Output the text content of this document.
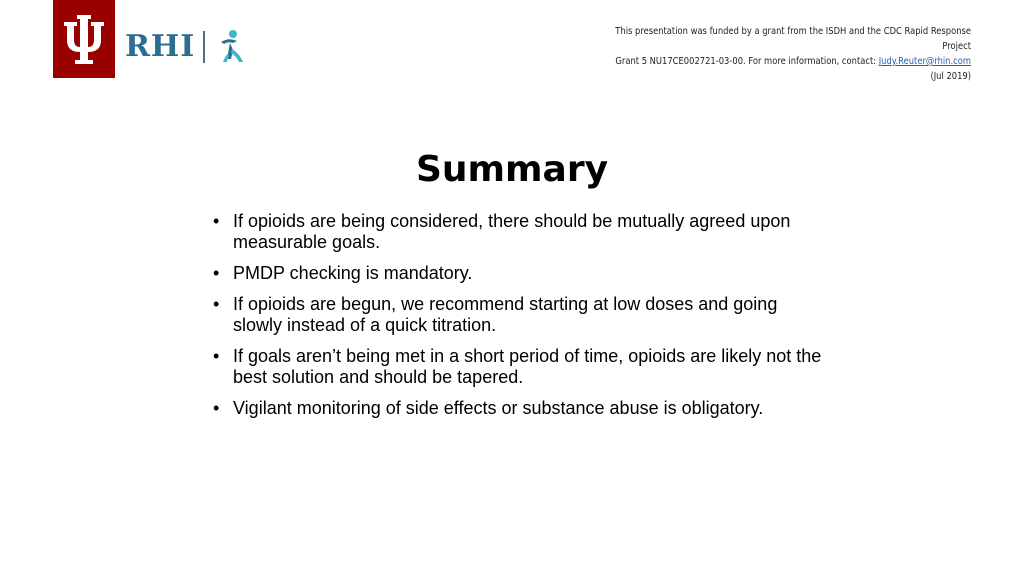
RHI	This presentation was funded by a grant from the ISDH and the CDC Rapid Response Project
Grant 5 NU17CE002721-03-00. For more information, contact: Judy.Reuter@rhin.com (Jul 2019)
Summary
• If opioids are being considered, there should be mutually agreed upon measurable goals.
• PMDP checking is mandatory.
• If opioids are begun, we recommend starting at low doses and going slowly instead of a quick titration.
• If goals aren’t being met in a short period of time, opioids are likely not the best solution and should be tapered.
• Vigilant monitoring of side effects or substance abuse is obligatory.
